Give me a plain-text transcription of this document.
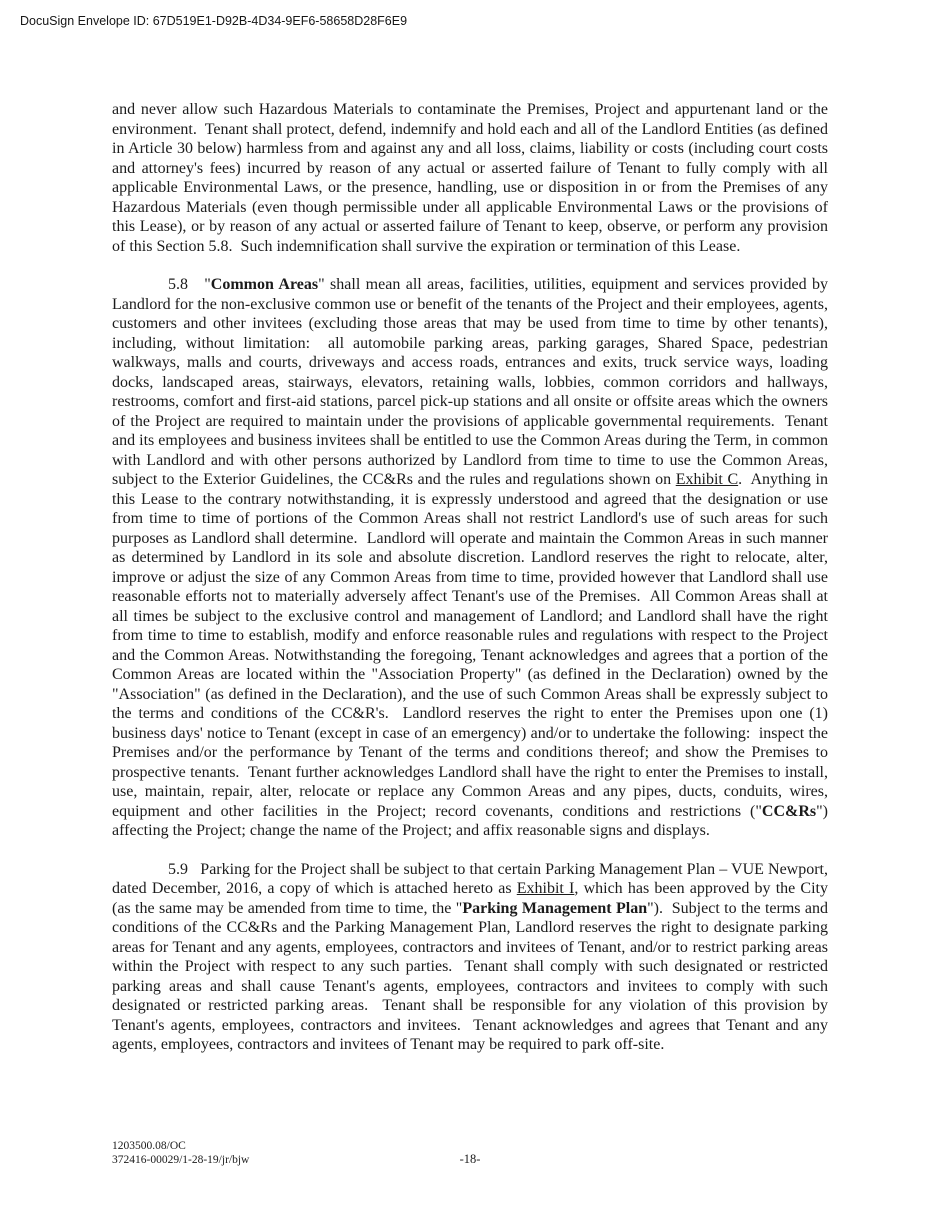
DocuSign Envelope ID: 67D519E1-D92B-4D34-9EF6-58658D28F6E9

and never allow such Hazardous Materials to contaminate the Premises, Project and appurtenant land or the environment.  Tenant shall protect, defend, indemnify and hold each and all of the Landlord Entities (as defined in Article 30 below) harmless from and against any and all loss, claims, liability or costs (including court costs and attorney's fees) incurred by reason of any actual or asserted failure of Tenant to fully comply with all applicable Environmental Laws, or the presence, handling, use or disposition in or from the Premises of any Hazardous Materials (even though permissible under all applicable Environmental Laws or the provisions of this Lease), or by reason of any actual or asserted failure of Tenant to keep, observe, or perform any provision of this Section 5.8.  Such indemnification shall survive the expiration or termination of this Lease.

5.8   "Common Areas" shall mean all areas, facilities, utilities, equipment and services provided by Landlord for the non-exclusive common use or benefit of the tenants of the Project and their employees, agents, customers and other invitees (excluding those areas that may be used from time to time by other tenants), including, without limitation:  all automobile parking areas, parking garages, Shared Space, pedestrian walkways, malls and courts, driveways and access roads, entrances and exits, truck service ways, loading docks, landscaped areas, stairways, elevators, retaining walls, lobbies, common corridors and hallways, restrooms, comfort and first-aid stations, parcel pick-up stations and all onsite or offsite areas which the owners of the Project are required to maintain under the provisions of applicable governmental requirements.  Tenant and its employees and business invitees shall be entitled to use the Common Areas during the Term, in common with Landlord and with other persons authorized by Landlord from time to time to use the Common Areas, subject to the Exterior Guidelines, the CC&Rs and the rules and regulations shown on Exhibit C.  Anything in this Lease to the contrary notwithstanding, it is expressly understood and agreed that the designation or use from time to time of portions of the Common Areas shall not restrict Landlord's use of such areas for such purposes as Landlord shall determine.  Landlord will operate and maintain the Common Areas in such manner as determined by Landlord in its sole and absolute discretion. Landlord reserves the right to relocate, alter, improve or adjust the size of any Common Areas from time to time, provided however that Landlord shall use reasonable efforts not to materially adversely affect Tenant's use of the Premises.  All Common Areas shall at all times be subject to the exclusive control and management of Landlord; and Landlord shall have the right from time to time to establish, modify and enforce reasonable rules and regulations with respect to the Project and the Common Areas. Notwithstanding the foregoing, Tenant acknowledges and agrees that a portion of the Common Areas are located within the "Association Property" (as defined in the Declaration) owned by the "Association" (as defined in the Declaration), and the use of such Common Areas shall be expressly subject to the terms and conditions of the CC&R's.  Landlord reserves the right to enter the Premises upon one (1) business days' notice to Tenant (except in case of an emergency) and/or to undertake the following:  inspect the Premises and/or the performance by Tenant of the terms and conditions thereof; and show the Premises to prospective tenants.  Tenant further acknowledges Landlord shall have the right to enter the Premises to install, use, maintain, repair, alter, relocate or replace any Common Areas and any pipes, ducts, conduits, wires, equipment and other facilities in the Project; record covenants, conditions and restrictions ("CC&Rs") affecting the Project; change the name of the Project; and affix reasonable signs and displays.

5.9   Parking for the Project shall be subject to that certain Parking Management Plan – VUE Newport, dated December, 2016, a copy of which is attached hereto as Exhibit I, which has been approved by the City (as the same may be amended from time to time, the "Parking Management Plan").  Subject to the terms and conditions of the CC&Rs and the Parking Management Plan, Landlord reserves the right to designate parking areas for Tenant and any agents, employees, contractors and invitees of Tenant, and/or to restrict parking areas within the Project with respect to any such parties.  Tenant shall comply with such designated or restricted parking areas and shall cause Tenant's agents, employees, contractors and invitees to comply with such designated or restricted parking areas.  Tenant shall be responsible for any violation of this provision by Tenant's agents, employees, contractors and invitees.  Tenant acknowledges and agrees that Tenant and any agents, employees, contractors and invitees of Tenant may be required to park off-site.

1203500.08/OC
372416-00029/1-28-19/jr/bjw	-18-
